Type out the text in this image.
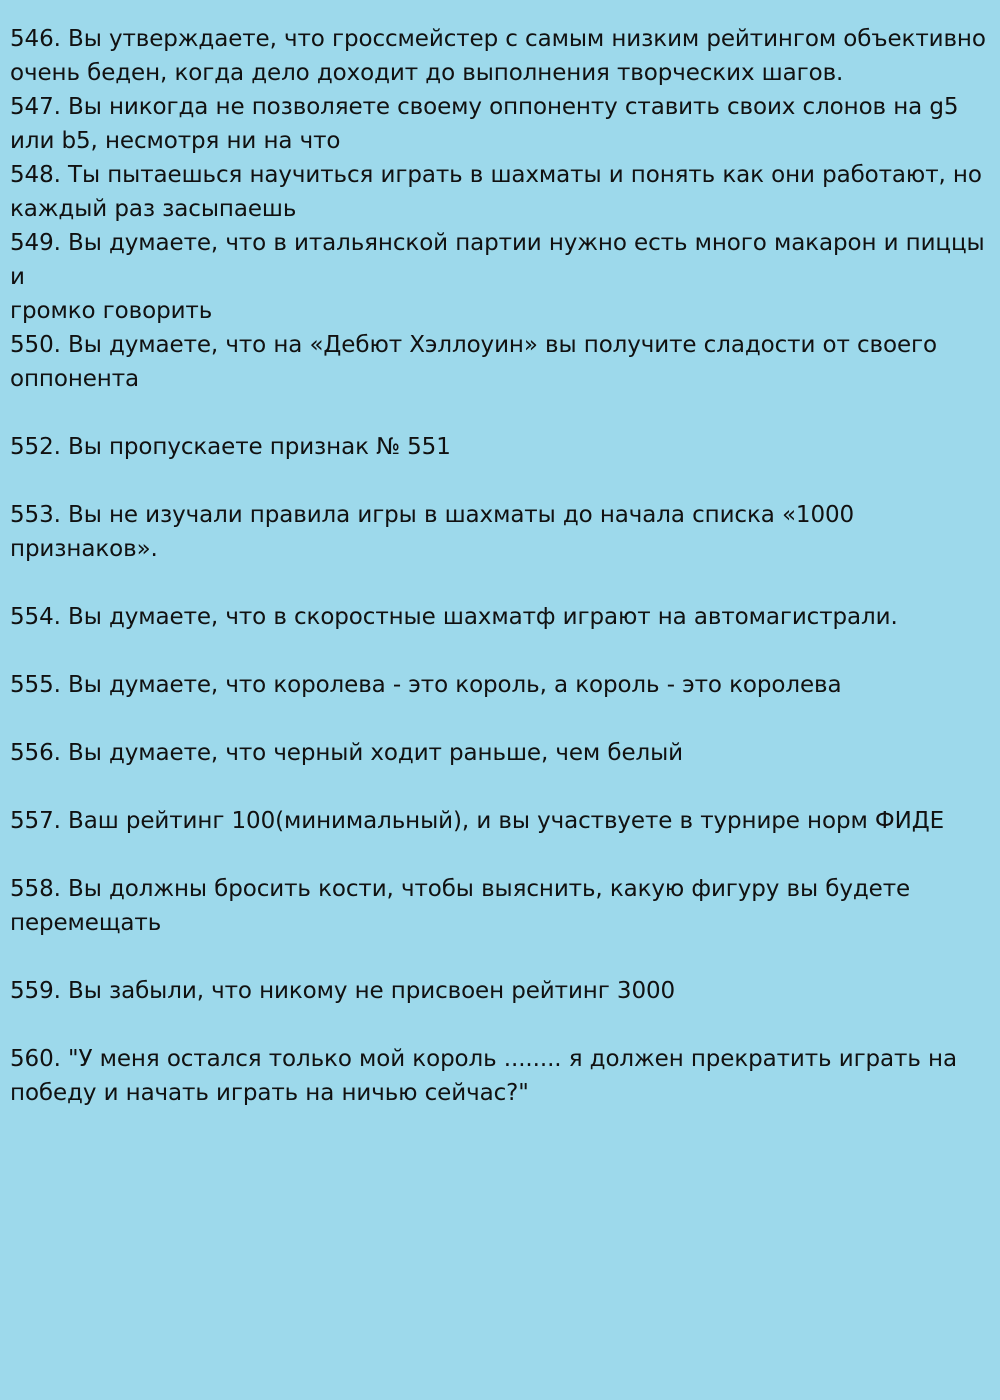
546. Вы утверждаете, что гроссмейстер с самым низким рейтингом объективно
очень беден, когда дело доходит до выполнения творческих шагов.

547. Вы никогда не позволяете своему оппоненту ставить своих слонов на g5
или b5, несмотря ни на что

548. Ты пытаешься научиться играть в шахматы и понять как они работают, но
каждый раз засыпаешь

549. Вы думаете, что в итальянской партии нужно есть много макарон и пиццы и
громко говорить

550. Вы думаете, что на «Дебют Хэллоуин» вы получите сладости от своего
оппонента

552. Вы пропускаете признак № 551

553. Вы не изучали правила игры в шахматы до начала списка «1000 признаков».

554. Вы думаете, что в скоростные шахматф играют на автомагистрали.

555. Вы думаете, что королева - это король, а король - это королева

556. Вы думаете, что черный ходит раньше, чем белый

557. Ваш рейтинг 100(минимальный), и вы участвуете в турнире норм ФИДЕ

558. Вы должны бросить кости, чтобы выяснить, какую фигуру вы будете
перемещать

559. Вы забыли, что никому не присвоен рейтинг 3000

560. "У меня остался только мой король ........ я должен прекратить играть на
победу и начать играть на ничью сейчас?"
